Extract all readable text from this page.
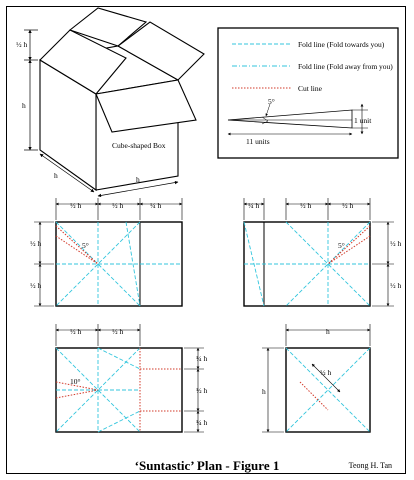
Cube-shaped Box
½ h
h
h	h
Fold line (Fold towards you)
Fold line (Fold away from you)
Cut line
5°
1 unit
11 units
5°
½ h	½ h	¼ h
½ h
½ h
5°
¼ h	½ h	½ h
½ h
½ h
10°
½ h	½ h
¼ h
½ h
¼ h
h
h
½ h
‘Suntastic’ Plan - Figure 1	Teong H. Tan
